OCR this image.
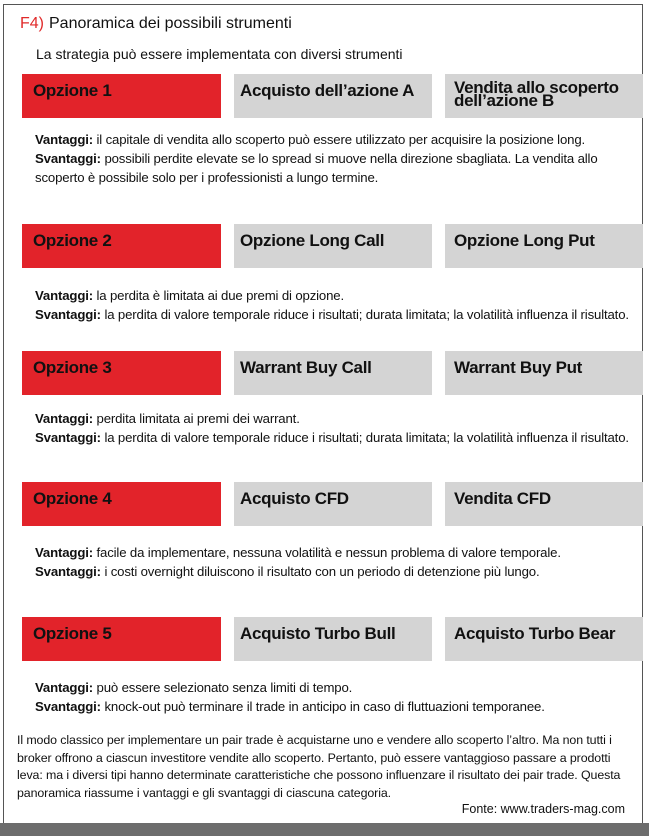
F4) Panoramica dei possibili strumenti
La strategia può essere implementata con diversi strumenti
Opzione 1	Acquisto dell’azione A	Vendita allo scoperto dell’azione B
Vantaggi: il capitale di vendita allo scoperto può essere utilizzato per acquisire la posizione long.
Svantaggi: possibili perdite elevate se lo spread si muove nella direzione sbagliata. La vendita allo scoperto è possibile solo per i professionisti a lungo termine.
Opzione 2	Opzione Long Call	Opzione Long Put
Vantaggi: la perdita è limitata ai due premi di opzione.
Svantaggi: la perdita di valore temporale riduce i risultati; durata limitata; la volatilità influenza il risultato.
Opzione 3	Warrant Buy Call	Warrant Buy Put
Vantaggi: perdita limitata ai premi dei warrant.
Svantaggi: la perdita di valore temporale riduce i risultati; durata limitata; la volatilità influenza il risultato.
Opzione 4	Acquisto CFD	Vendita CFD
Vantaggi: facile da implementare, nessuna volatilità e nessun problema di valore temporale.
Svantaggi: i costi overnight diluiscono il risultato con un periodo di detenzione più lungo.
Opzione 5	Acquisto Turbo Bull	Acquisto Turbo Bear
Vantaggi: può essere selezionato senza limiti di tempo.
Svantaggi: knock-out può terminare il trade in anticipo in caso di fluttuazioni temporanee.
Il modo classico per implementare un pair trade è acquistarne uno e vendere allo scoperto l’altro. Ma non tutti i broker offrono a ciascun investitore vendite allo scoperto. Pertanto, può essere vantaggioso passare a prodotti leva: ma i diversi tipi hanno determinate caratteristiche che possono influenzare il risultato dei pair trade. Questa panoramica riassume i vantaggi e gli svantaggi di ciascuna categoria.
Fonte: www.traders-mag.com
